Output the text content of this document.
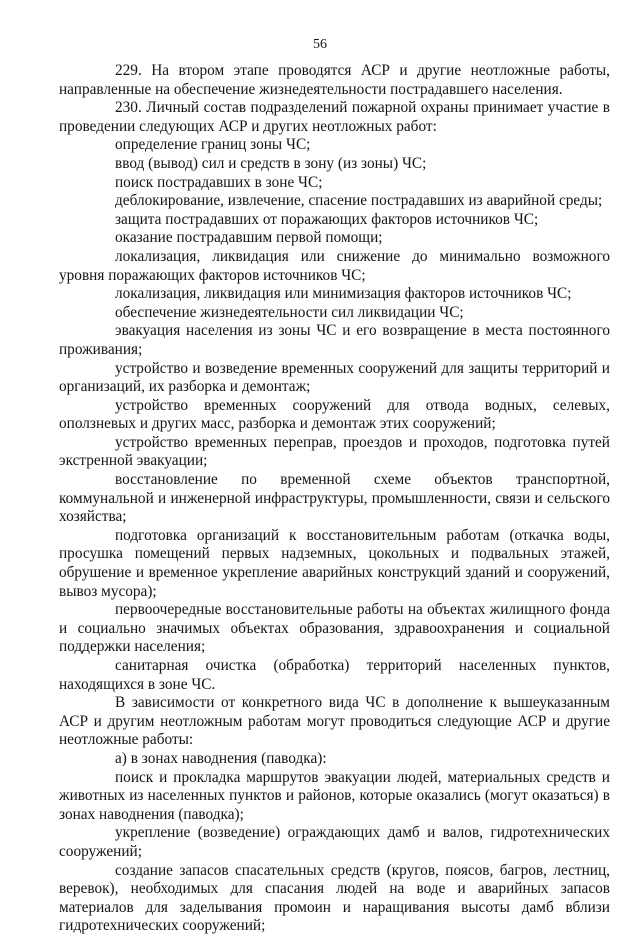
56

229. На втором этапе проводятся АСР и другие неотложные работы, направленные на обеспечение жизнедеятельности пострадавшего населения.

230. Личный состав подразделений пожарной охраны принимает участие в проведении следующих АСР и других неотложных работ:

определение границ зоны ЧС;

ввод (вывод) сил и средств в зону (из зоны) ЧС;

поиск пострадавших в зоне ЧС;

деблокирование, извлечение, спасение пострадавших из аварийной среды;

защита пострадавших от поражающих факторов источников ЧС;

оказание пострадавшим первой помощи;

локализация, ликвидация или снижение до минимально возможного уровня поражающих факторов источников ЧС;

локализация, ликвидация или минимизация факторов источников ЧС;

обеспечение жизнедеятельности сил ликвидации ЧС;

эвакуация населения из зоны ЧС и его возвращение в места постоянного проживания;

устройство и возведение временных сооружений для защиты территорий и организаций, их разборка и демонтаж;

устройство временных сооружений для отвода водных, селевых, оползневых и других масс, разборка и демонтаж этих сооружений;

устройство временных переправ, проездов и проходов, подготовка путей экстренной эвакуации;

восстановление по временной схеме объектов транспортной, коммунальной и инженерной инфраструктуры, промышленности, связи и сельского хозяйства;

подготовка организаций к восстановительным работам (откачка воды, просушка помещений первых надземных, цокольных и подвальных этажей, обрушение и временное укрепление аварийных конструкций зданий и сооружений, вывоз мусора);

первоочередные восстановительные работы на объектах жилищного фонда и социально значимых объектах образования, здравоохранения и социальной поддержки населения;

санитарная очистка (обработка) территорий населенных пунктов, находящихся в зоне ЧС.

В зависимости от конкретного вида ЧС в дополнение к вышеуказанным АСР и другим неотложным работам могут проводиться следующие АСР и другие неотложные работы:

а) в зонах наводнения (паводка):

поиск и прокладка маршрутов эвакуации людей, материальных средств и животных из населенных пунктов и районов, которые оказались (могут оказаться) в зонах наводнения (паводка);

укрепление (возведение) ограждающих дамб и валов, гидротехнических сооружений;

создание запасов спасательных средств (кругов, поясов, багров, лестниц, веревок), необходимых для спасания людей на воде и аварийных запасов материалов для заделывания промоин и наращивания высоты дамб вблизи гидротехнических сооружений;
